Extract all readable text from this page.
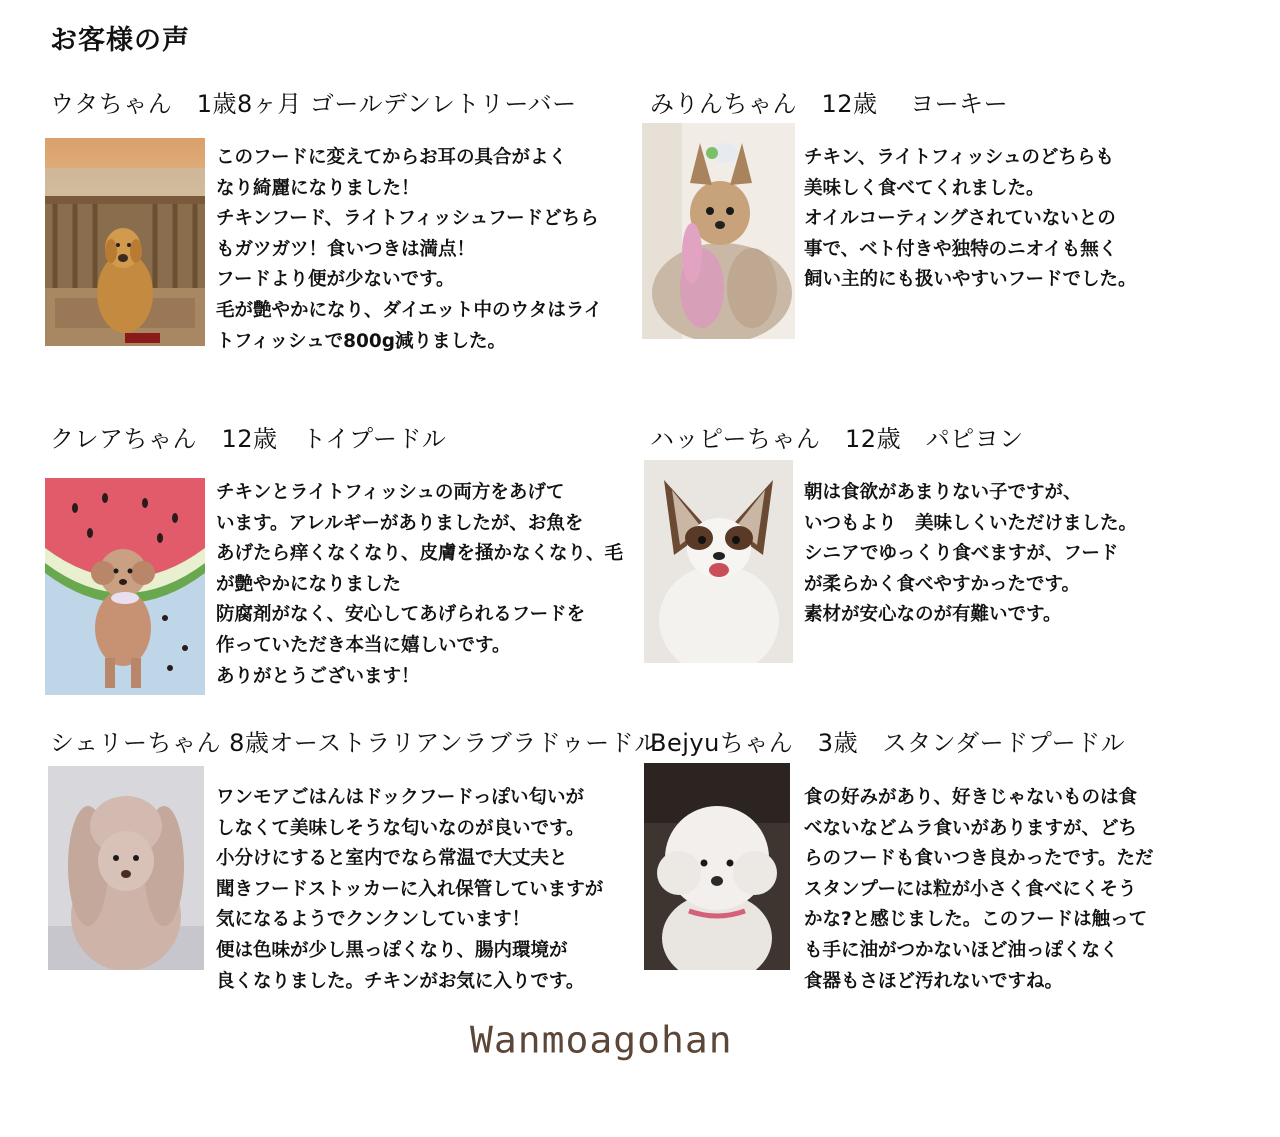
お客様の声
ウタちゃん　1歳8ヶ月 ゴールデンレトリーバー
このフードに変えてからお耳の具合がよく
なり綺麗になりました！
チキンフード、ライトフィッシュフードどちら
もガツガツ！食いつきは満点！
フードより便が少ないです。
毛が艶やかになり、ダイエット中のウタはライ
トフィッシュで800g減りました。
みりんちゃん　12歳　 ヨーキー
チキン、ライトフィッシュのどちらも
美味しく食べてくれました。
オイルコーティングされていないとの
事で、ベト付きや独特のニオイも無く
飼い主的にも扱いやすいフードでした。
クレアちゃん　12歳　トイプードル
チキンとライトフィッシュの両方をあげて
います。アレルギーがありましたが、お魚を
あげたら痒くなくなり、皮膚を掻かなくなり、毛
が艶やかになりました
防腐剤がなく、安心してあげられるフードを
作っていただき本当に嬉しいです。
ありがとうございます！
ハッピーちゃん　12歳　パピヨン
朝は食欲があまりない子ですが、
いつもより　美味しくいただけました。
シニアでゆっくり食べますが、フード
が柔らかく食べやすかったです。
素材が安心なのが有難いです。
シェリーちゃん 8歳オーストラリアンラブラドゥードル
ワンモアごはんはドックフードっぽい匂いが
しなくて美味しそうな匂いなのが良いです。
小分けにすると室内でなら常温で大丈夫と
聞きフードストッカーに入れ保管していますが
気になるようでクンクンしています！
便は色味が少し黒っぽくなり、腸内環境が
良くなりました。チキンがお気に入りです。
Bejyuちゃん　3歳　スタンダードプードル
食の好みがあり、好きじゃないものは食
べないなどムラ食いがありますが、どち
らのフードも食いつき良かったです。ただ
スタンプーには粒が小さく食べにくそう
かな?と感じました。このフードは触って
も手に油がつかないほど油っぽくなく
食器もさほど汚れないですね。
Wanmoagohan
